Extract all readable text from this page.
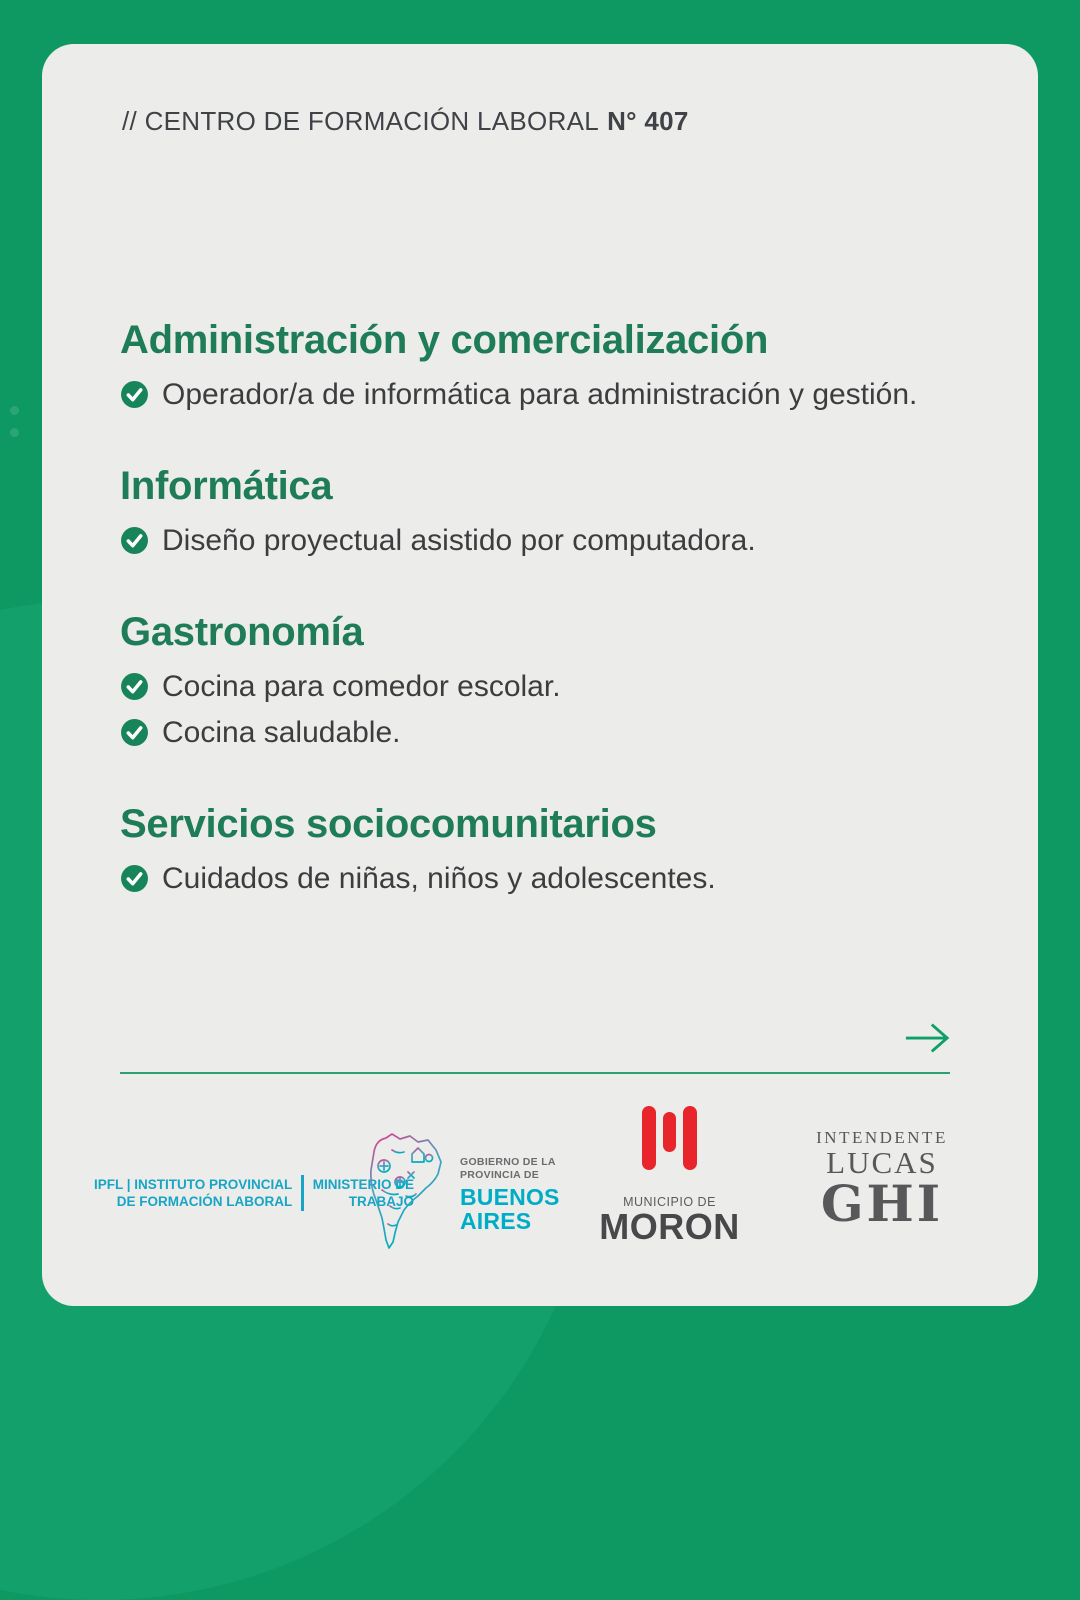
// CENTRO DE FORMACIÓN LABORAL N° 407
Administración y comercialización
Operador/a de informática para administración y gestión.
Informática
Diseño proyectual asistido por computadora.
Gastronomía
Cocina para comedor escolar.
Cocina saludable.
Servicios sociocomunitarios
Cuidados de niñas, niños y adolescentes.
IPFL | INSTITUTO PROVINCIAL
DE FORMACIÓN LABORAL
MINISTERIO DE
TRABAJO
GOBIERNO DE LA
PROVINCIA DE
BUENOS
AIRES
MUNICIPIO DE
MORON
INTENDENTE
LUCAS
GHI
